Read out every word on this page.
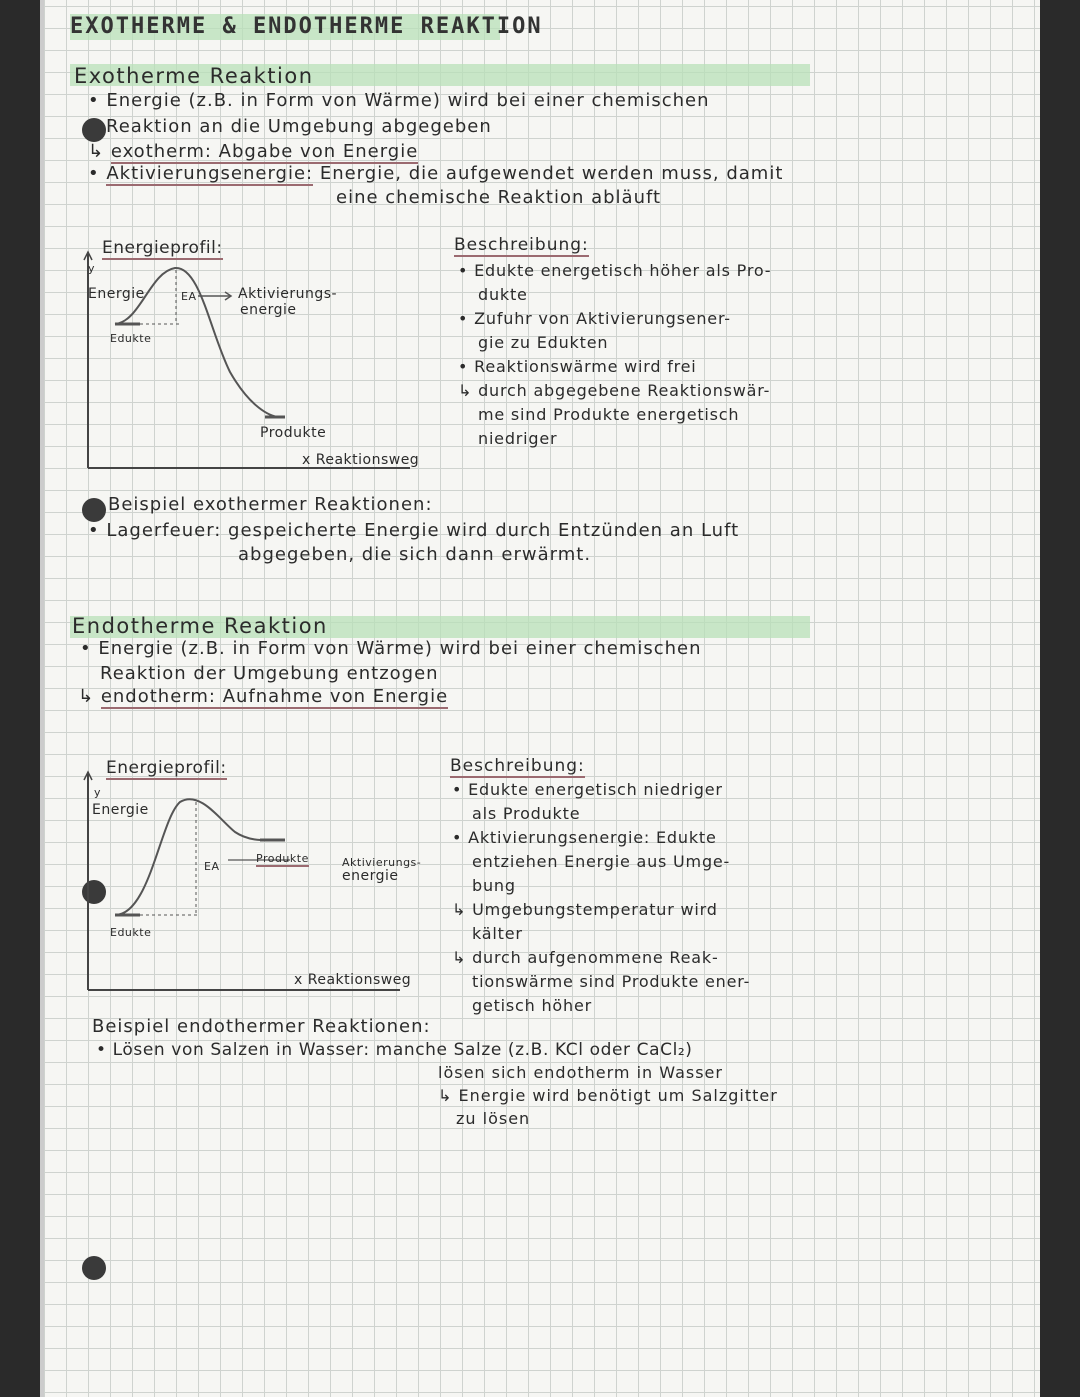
EXOTHERME & ENDOTHERME REAKTION
Exotherme Reaktion
• Energie (z.B. in Form von Wärme) wird bei einer chemischen
Reaktion an die Umgebung abgegeben
↳ exotherm: Abgabe von Energie
• Aktivierungsenergie: Energie, die aufgewendet werden muss, damit
eine chemische Reaktion abläuft
Energieprofil:
y
Energie	EA	Aktivierungs-
energie
Edukte
Produkte
x Reaktionsweg
Beschreibung:
• Edukte energetisch höher als Pro-
dukte
• Zufuhr von Aktivierungsener-
gie zu Edukten
• Reaktionswärme wird frei
↳ durch abgegebene Reaktionswär-
me sind Produkte energetisch
niedriger
Beispiel exothermer Reaktionen:
• Lagerfeuer: gespeicherte Energie wird durch Entzünden an Luft
abgegeben, die sich dann erwärmt.
Endotherme Reaktion
• Energie (z.B. in Form von Wärme) wird bei einer chemischen
Reaktion der Umgebung entzogen
↳ endotherm: Aufnahme von Energie
Energieprofil:
y
Energie
EA
Produkte	Aktivierungs-
energie
Edukte
x Reaktionsweg
Beschreibung:
• Edukte energetisch niedriger
als Produkte
• Aktivierungsenergie: Edukte
entziehen Energie aus Umge-
bung
↳ Umgebungstemperatur wird
kälter
↳ durch aufgenommene Reak-
tionswärme sind Produkte ener-
getisch höher
Beispiel endothermer Reaktionen:
• Lösen von Salzen in Wasser: manche Salze (z.B. KCl oder CaCl₂)
lösen sich endotherm in Wasser
↳ Energie wird benötigt um Salzgitter
zu lösen
